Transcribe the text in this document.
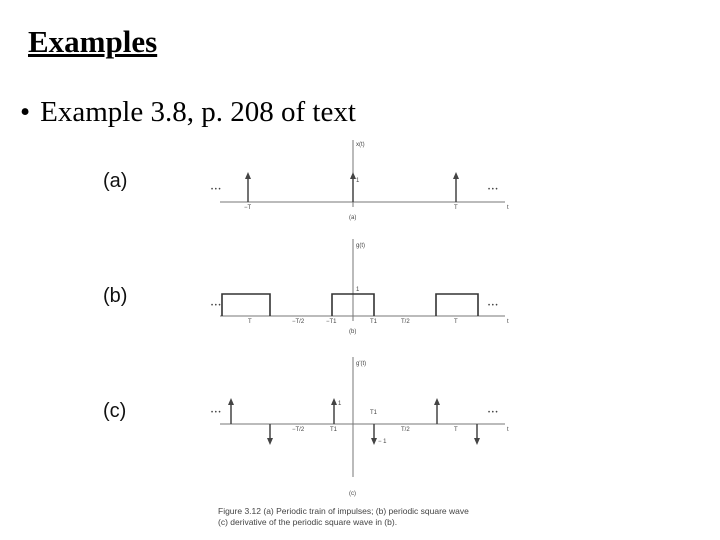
Examples
• Example 3.8, p. 208 of text
(a)
(b)
(c)
x(t)
1
• • •	• • •
−T	T	t
(a)
g(t)
1
• • •	• • •
T	−T/2	−T1	T1	T/2	T	t
(b)
g'(t)
1
− 1
• • •	• • •
−T/2	T1
T1
T/2	T	t
(c)
Figure 3.12 (a) Periodic train of impulses; (b) periodic square wave
(c) derivative of the periodic square wave in (b).
